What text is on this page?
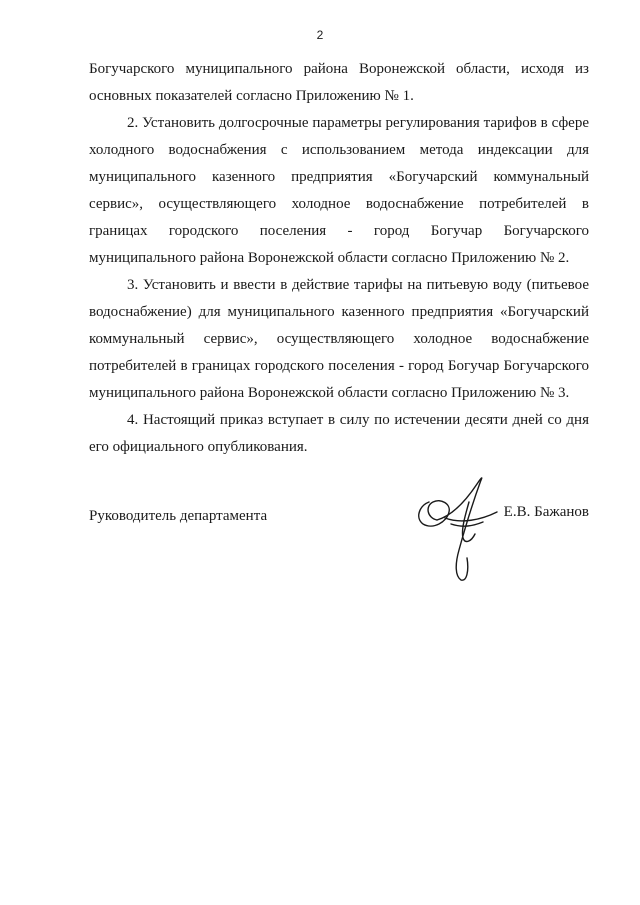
2

Богучарского муниципального района Воронежской области, исходя из основных показателей согласно Приложению № 1.

2. Установить долгосрочные параметры регулирования тарифов в сфере холодного водоснабжения с использованием метода индексации для муниципального казенного предприятия «Богучарский коммунальный сервис», осуществляющего холодное водоснабжение потребителей в границах городского поселения - город Богучар Богучарского муниципального района Воронежской области согласно Приложению № 2.

3. Установить и ввести в действие тарифы на питьевую воду (питьевое водоснабжение) для муниципального казенного предприятия «Богучарский коммунальный сервис», осуществляющего холодное водоснабжение потребителей в границах городского поселения - город Богучар Богучарского муниципального района Воронежской области согласно Приложению № 3.

4. Настоящий приказ вступает в силу по истечении десяти дней со дня его официального опубликования.

Руководитель департамента	Е.В. Бажанов
